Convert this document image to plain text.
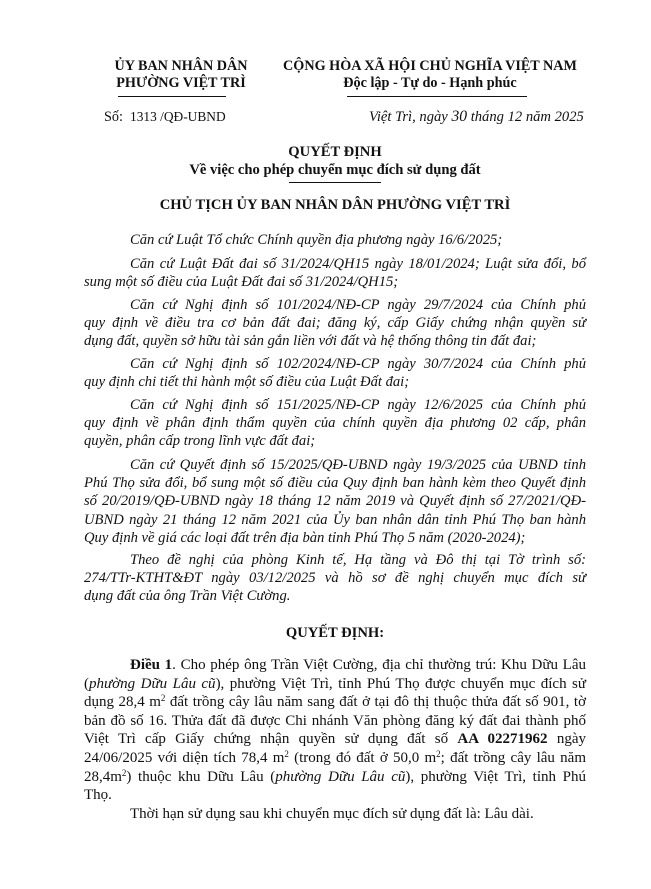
ỦY BAN NHÂN DÂN
PHƯỜNG VIỆT TRÌ
CỘNG HÒA XÃ HỘI CHỦ NGHĨA VIỆT NAM
Độc lập - Tự do - Hạnh phúc
Số: 1313 /QĐ-UBND	Việt Trì, ngày 30 tháng 12 năm 2025
QUYẾT ĐỊNH
Về việc cho phép chuyển mục đích sử dụng đất
CHỦ TỊCH ỦY BAN NHÂN DÂN PHƯỜNG VIỆT TRÌ
Căn cứ Luật Tổ chức Chính quyền địa phương ngày 16/6/2025;
Căn cứ Luật Đất đai số 31/2024/QH15 ngày 18/01/2024; Luật sửa đổi, bổ
sung một số điều của Luật Đất đai số 31/2024/QH15;
Căn cứ Nghị định số 101/2024/NĐ-CP ngày 29/7/2024 của Chính phủ
quy định về điều tra cơ bản đất đai; đăng ký, cấp Giấy chứng nhận quyền sử
dụng đất, quyền sở hữu tài sản gắn liền với đất và hệ thống thông tin đất đai;
Căn cứ Nghị định số 102/2024/NĐ-CP ngày 30/7/2024 của Chính phủ
quy định chi tiết thi hành một số điều của Luật Đất đai;
Căn cứ Nghị định số 151/2025/NĐ-CP ngày 12/6/2025 của Chính phủ
quy định về phân định thẩm quyền của chính quyền địa phương 02 cấp, phân
quyền, phân cấp trong lĩnh vực đất đai;
Căn cứ Quyết định số 15/2025/QĐ-UBND ngày 19/3/2025 của UBND tỉnh
Phú Thọ sửa đổi, bổ sung một số điều của Quy định ban hành kèm theo Quyết định
số 20/2019/QĐ-UBND ngày 18 tháng 12 năm 2019 và Quyết định số 27/2021/QĐ-
UBND ngày 21 tháng 12 năm 2021 của Ủy ban nhân dân tỉnh Phú Thọ ban hành
Quy định về giá các loại đất trên địa bàn tỉnh Phú Thọ 5 năm (2020-2024);
Theo đề nghị của phòng Kinh tế, Hạ tầng và Đô thị tại Tờ trình số:
274/TTr-KTHT&ĐT ngày 03/12/2025 và hồ sơ đề nghị chuyển mục đích sử
dụng đất của ông Trần Việt Cường.
QUYẾT ĐỊNH:
Điều 1. Cho phép ông Trần Việt Cường, địa chỉ thường trú: Khu Dữu Lâu
(phường Dữu Lâu cũ), phường Việt Trì, tỉnh Phú Thọ được chuyển mục đích sử
dụng 28,4 $m^2$ đất trồng cây lâu năm sang đất ở tại đô thị thuộc thửa đất số 901, tờ
bản đồ số 16. Thửa đất đã được Chi nhánh Văn phòng đăng ký đất đai thành phố
Việt Trì cấp Giấy chứng nhận quyền sử dụng đất số AA 02271962 ngày
24/06/2025 với diện tích 78,4 $m^2$ (trong đó đất ở 50,0 $m^2$; đất trồng cây lâu năm
$28,4m^2$) thuộc khu Dữu Lâu (phường Dữu Lâu cũ), phường Việt Trì, tỉnh Phú
Thọ.
Thời hạn sử dụng sau khi chuyển mục đích sử dụng đất là: Lâu dài.
